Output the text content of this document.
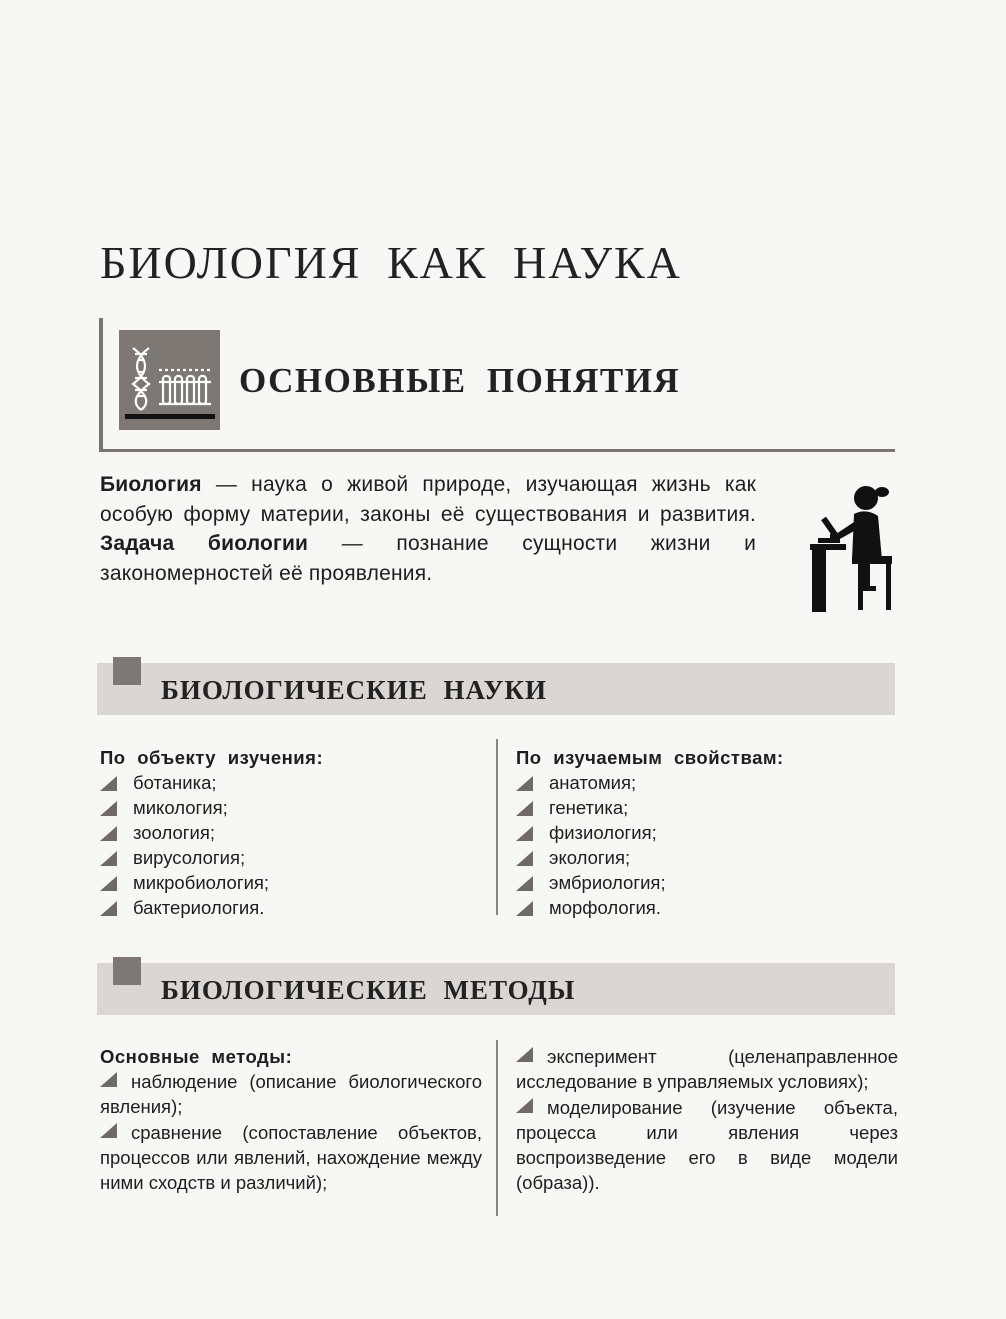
БИОЛОГИЯ КАК НАУКА
ОСНОВНЫЕ ПОНЯТИЯ
Биология — наука о живой природе, изучающая жизнь как особую форму материи, законы её существования и развития. Задача биологии — познание сущности жизни и закономерностей её проявления.
БИОЛОГИЧЕСКИЕ НАУКИ
По объекту изучения:
ботаника;
микология;
зоология;
вирусология;
микробиология;
бактериология.
По изучаемым свойствам:
анатомия;
генетика;
физиология;
экология;
эмбриология;
морфология.
БИОЛОГИЧЕСКИЕ МЕТОДЫ
Основные методы:
наблюдение (описание биологического явления);
сравнение (сопоставление объектов, процессов или явлений, нахождение между ними сходств и различий);
эксперимент (целенаправленное исследование в управляемых условиях);
моделирование (изучение объекта, процесса или явления через воспроизведение его в виде модели (образа)).
